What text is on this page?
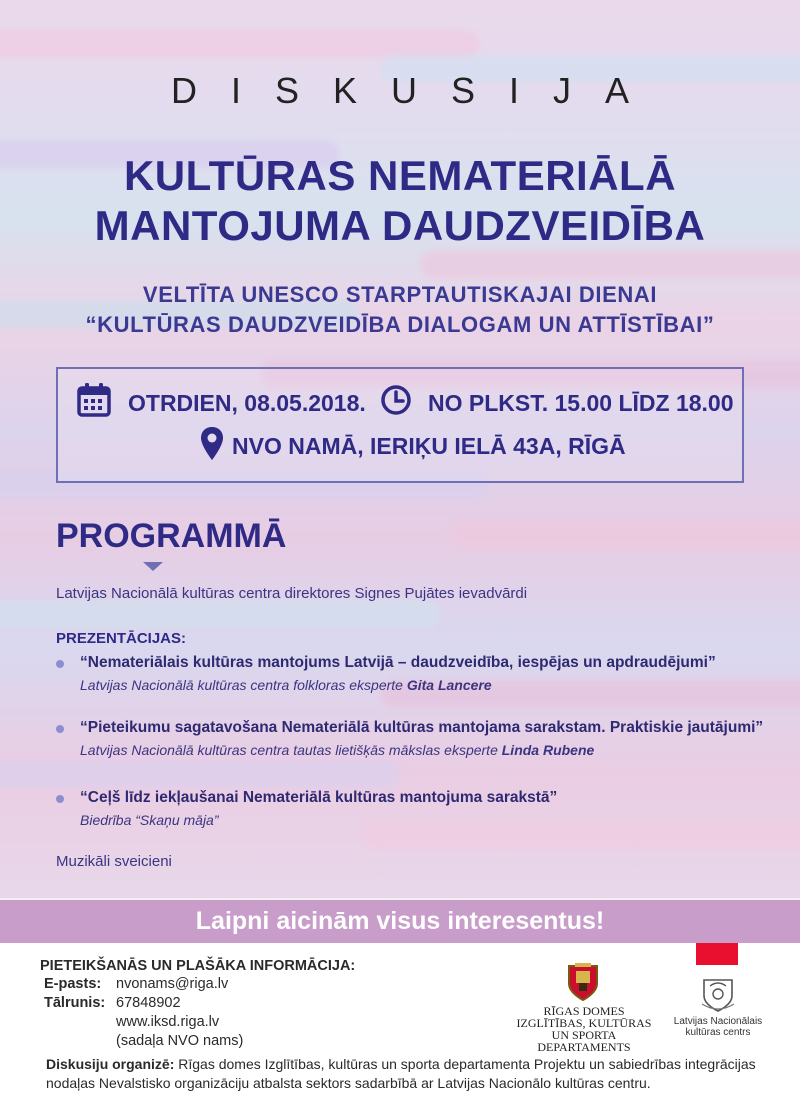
DISKUSIJA
KULTŪRAS NEMATERIĀLĀ
MANTOJUMA DAUDZVEIDĪBA
VELTĪTA UNESCO STARPTAUTISKAJAI DIENAI
“KULTŪRAS DAUDZVEIDĪBA DIALOGAM UN ATTĪSTĪBAI”
OTRDIEN, 08.05.2018.	NO PLKST. 15.00 LĪDZ 18.00
NVO NAMĀ, IERIĶU IELĀ 43A, RĪGĀ
PROGRAMMĀ
Latvijas Nacionālā kultūras centra direktores Signes Pujātes ievadvārdi
PREZENTĀCIJAS:
“Nemateriālais kultūras mantojums Latvijā – daudzveidība, iespējas un apdraudējumi”
Latvijas Nacionālā kultūras centra folkloras eksperte Gita Lancere
“Pieteikumu sagatavošana Nemateriālā kultūras mantojama sarakstam. Praktiskie jautājumi”
Latvijas Nacionālā kultūras centra tautas lietišķās mākslas eksperte Linda Rubene
“Ceļš līdz iekļaušanai Nemateriālā kultūras mantojuma sarakstā”
Biedrība “Skaņu māja”
Muzikāli sveicieni
Laipni aicinām visus interesentus!
PIETEIKŠANĀS UN PLAŠĀKA INFORMĀCIJA:
E-pasts: nvonams@riga.lv
Tālrunis: 67848902
www.iksd.riga.lv
(sadaļa NVO nams)
RĪGAS DOMES
IZGLĪTĪBAS, KULTŪRAS
UN SPORTA DEPARTAMENTS
Latvijas Nacionālais
kultūras centrs
Diskusiju organizē: Rīgas domes Izglītības, kultūras un sporta departamenta Projektu un sabiedrības integrācijas
nodaļas Nevalstisko organizāciju atbalsta sektors sadarbībā ar Latvijas Nacionālo kultūras centru.
